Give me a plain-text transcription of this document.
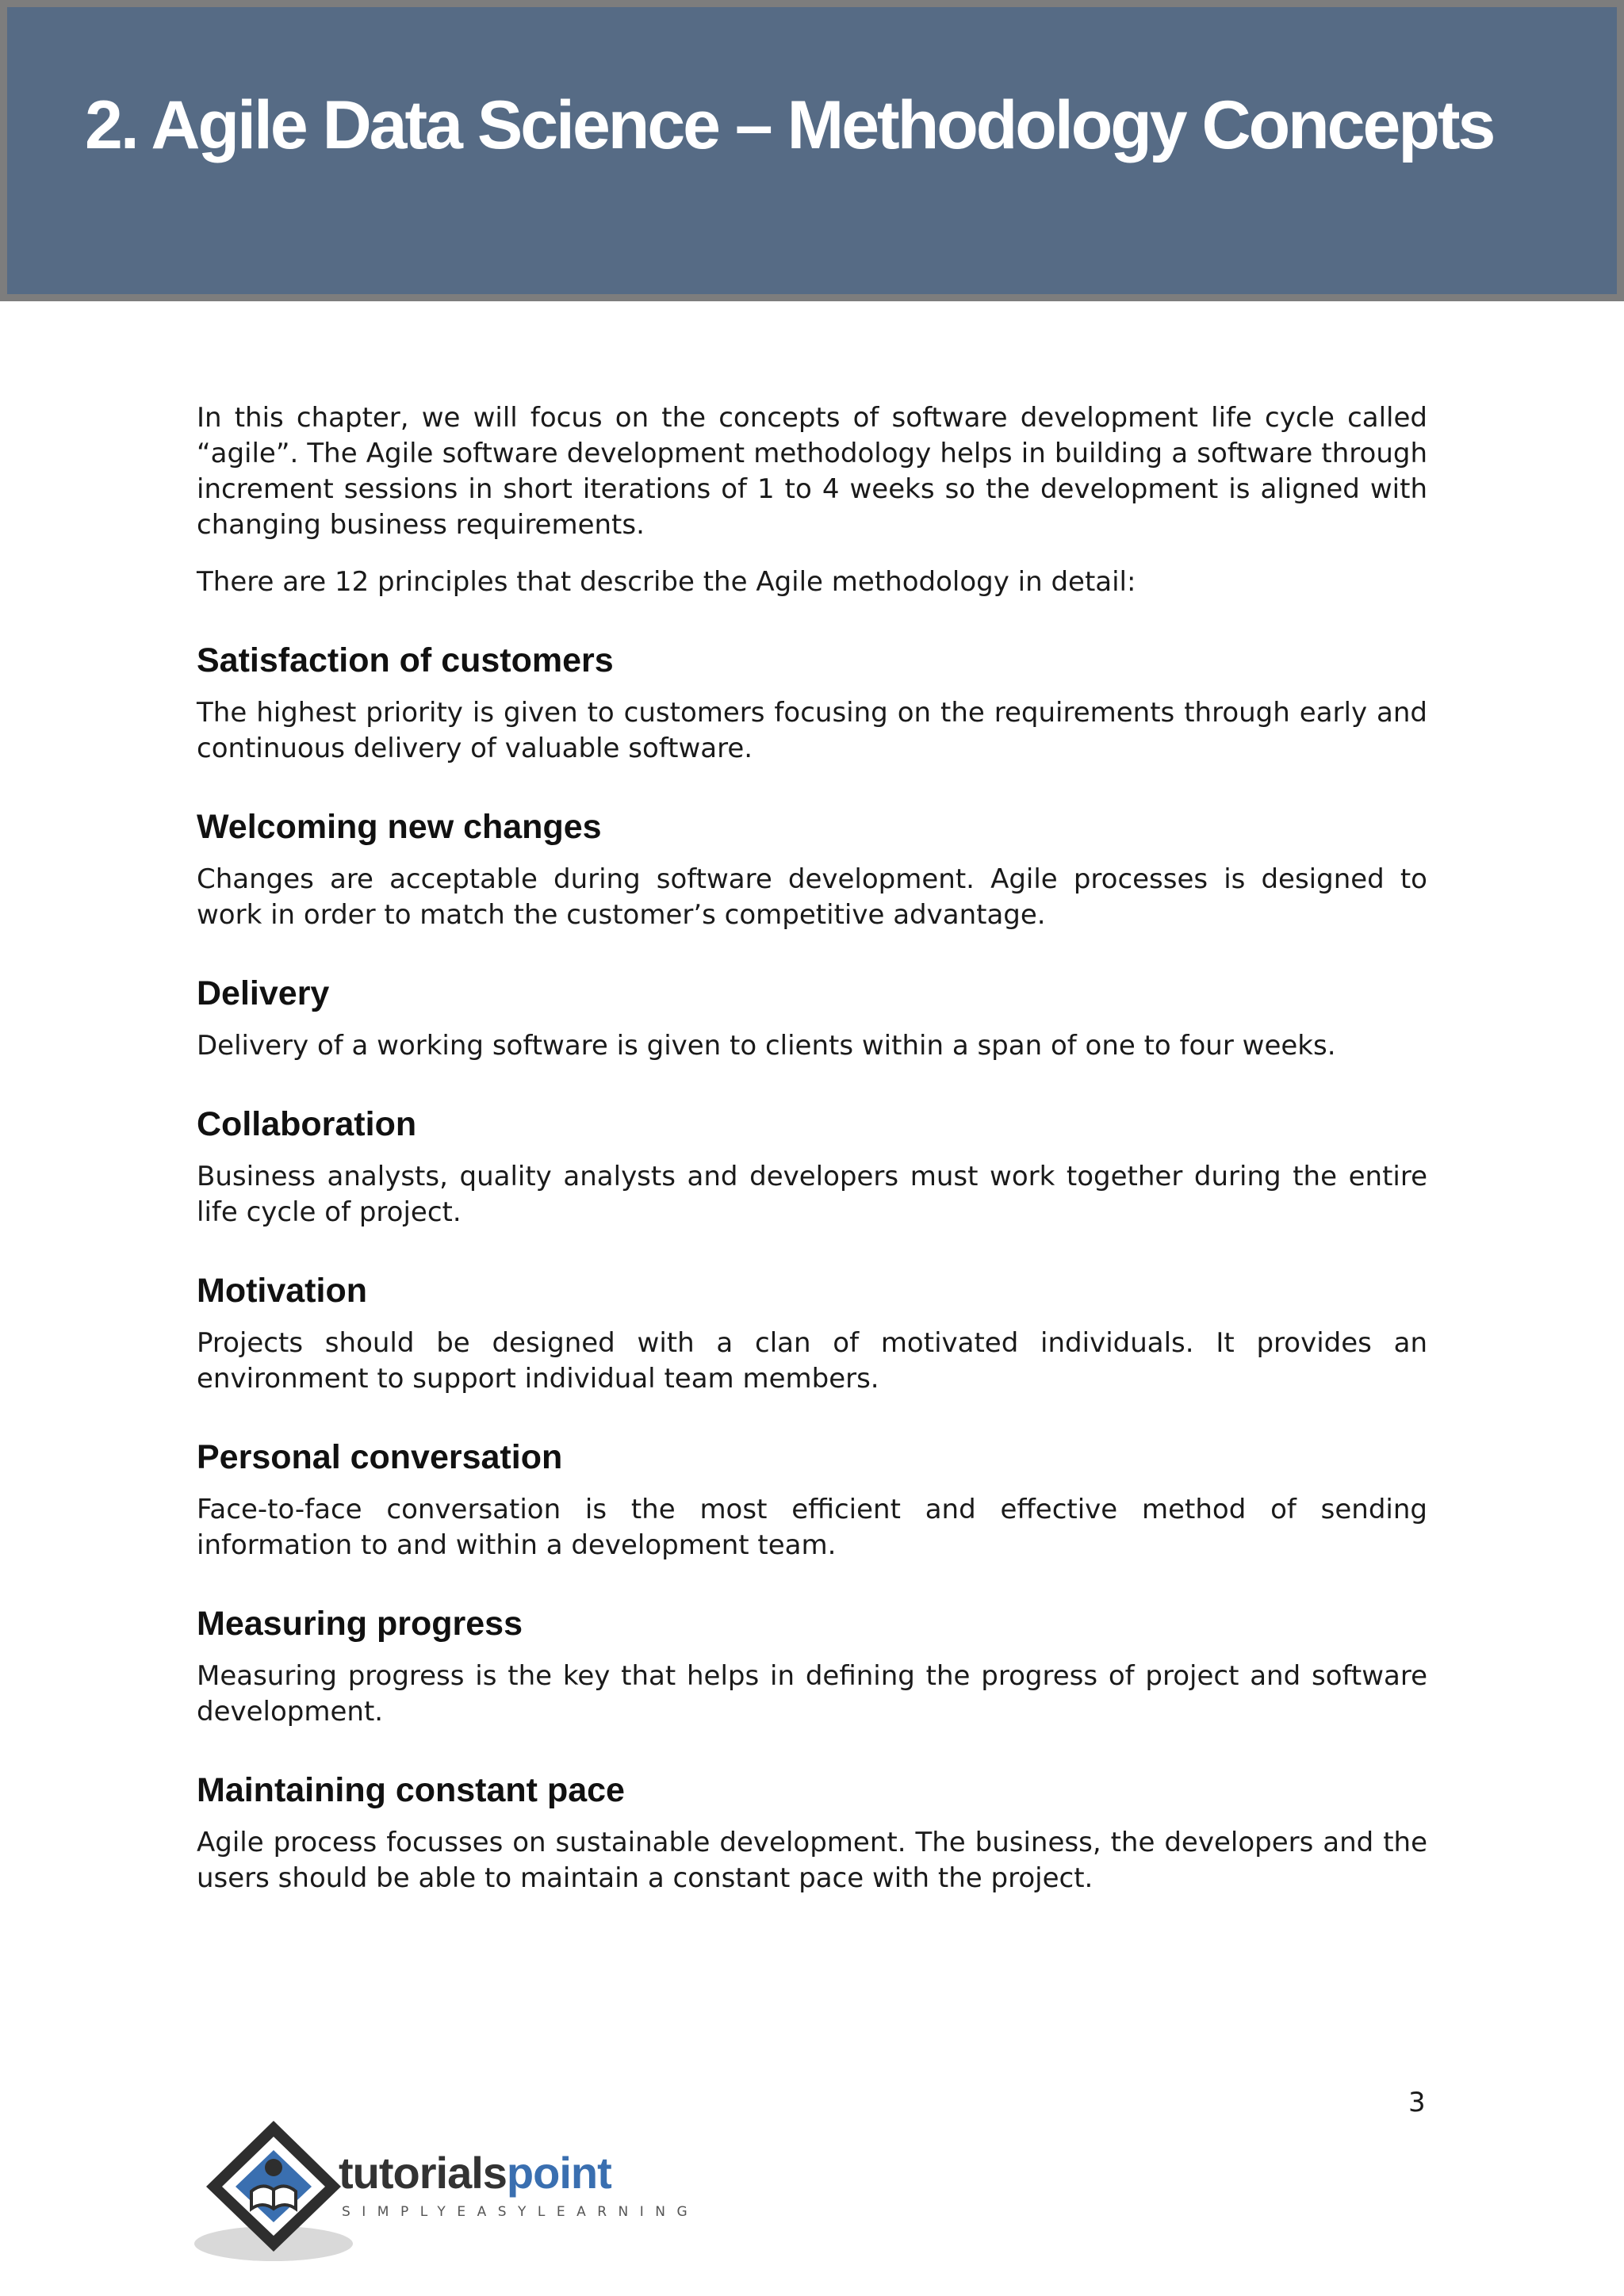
2. Agile Data Science – Methodology Concepts

In this chapter, we will focus on the concepts of software development life cycle called “agile”. The Agile software development methodology helps in building a software through increment sessions in short iterations of 1 to 4 weeks so the development is aligned with changing business requirements.

There are 12 principles that describe the Agile methodology in detail:

Satisfaction of customers

The highest priority is given to customers focusing on the requirements through early and continuous delivery of valuable software.

Welcoming new changes

Changes are acceptable during software development. Agile processes is designed to work in order to match the customer’s competitive advantage.

Delivery

Delivery of a working software is given to clients within a span of one to four weeks.

Collaboration

Business analysts, quality analysts and developers must work together during the entire life cycle of project.

Motivation

Projects should be designed with a clan of motivated individuals. It provides an environment to support individual team members.

Personal conversation

Face-to-face conversation is the most efficient and effective method of sending information to and within a development team.

Measuring progress

Measuring progress is the key that helps in defining the progress of project and software development.

Maintaining constant pace

Agile process focusses on sustainable development. The business, the developers and the users should be able to maintain a constant pace with the project.

3
tutorialspoint
SIMPLYEASYLEARNING
